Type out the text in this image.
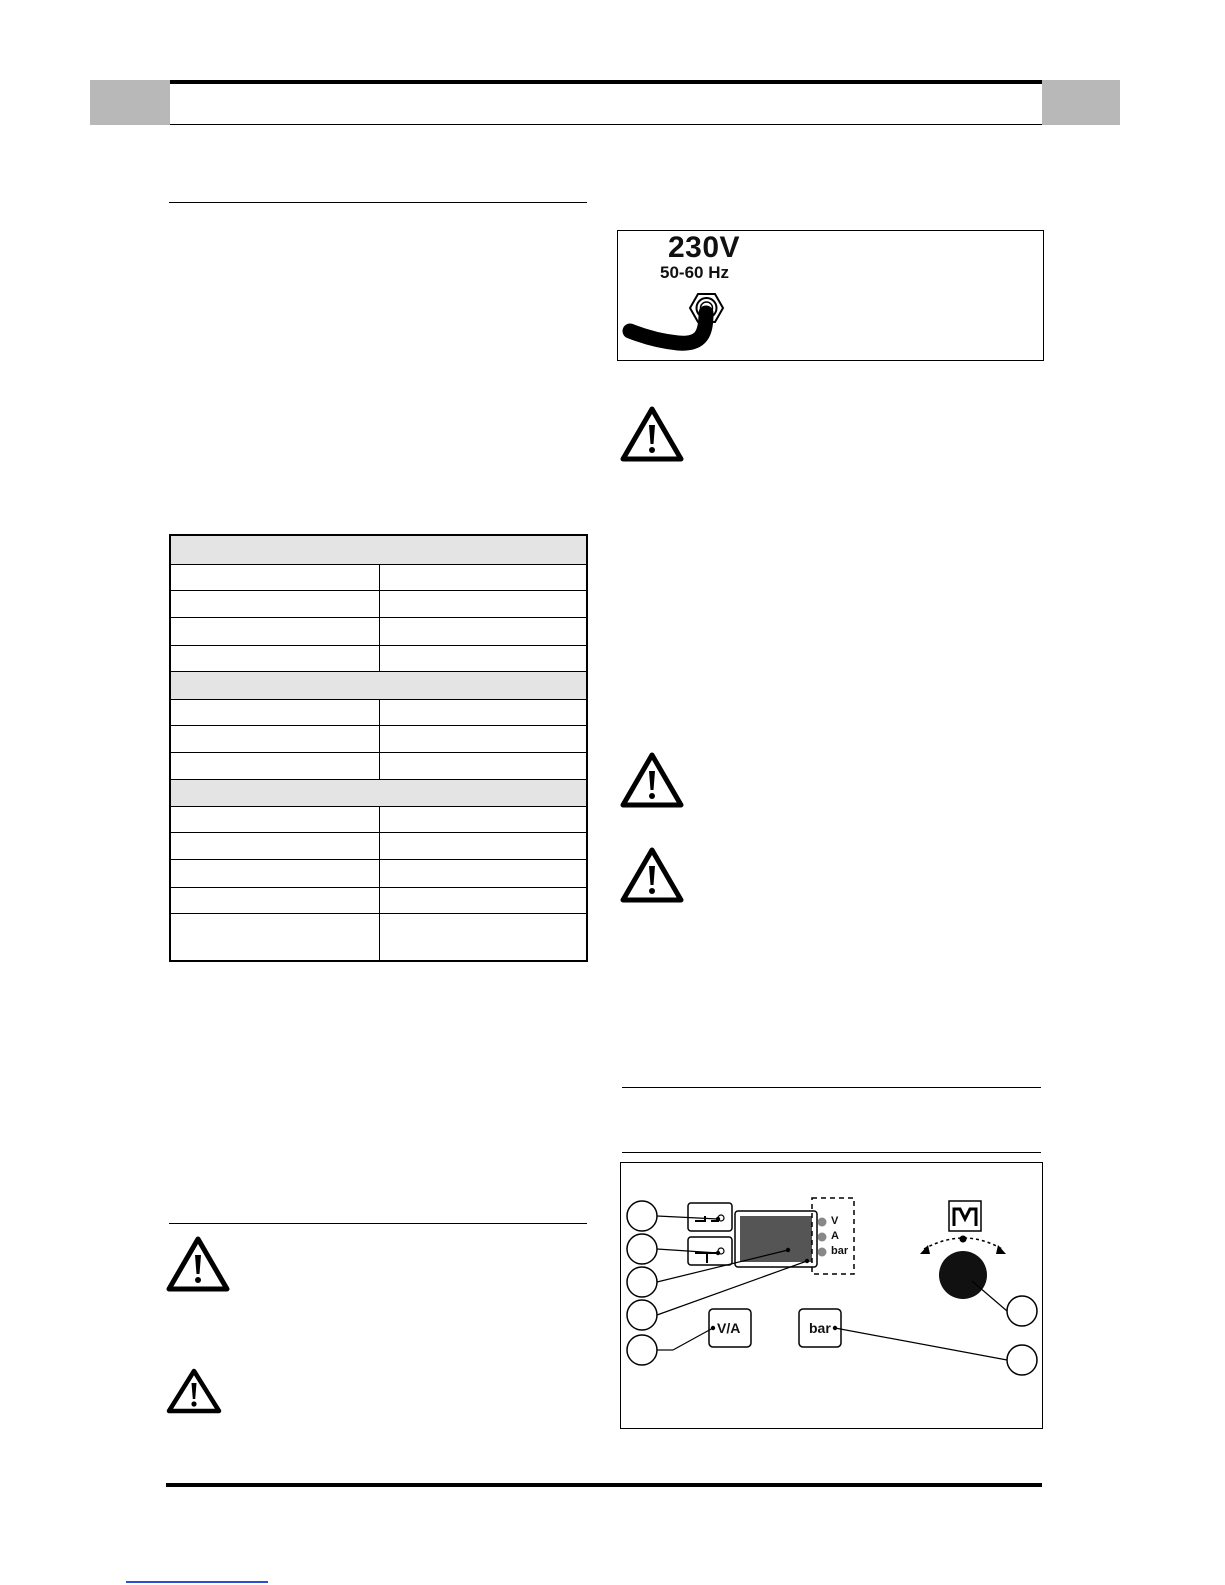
230V
50-60 Hz
V
A
bar
V/A	bar
